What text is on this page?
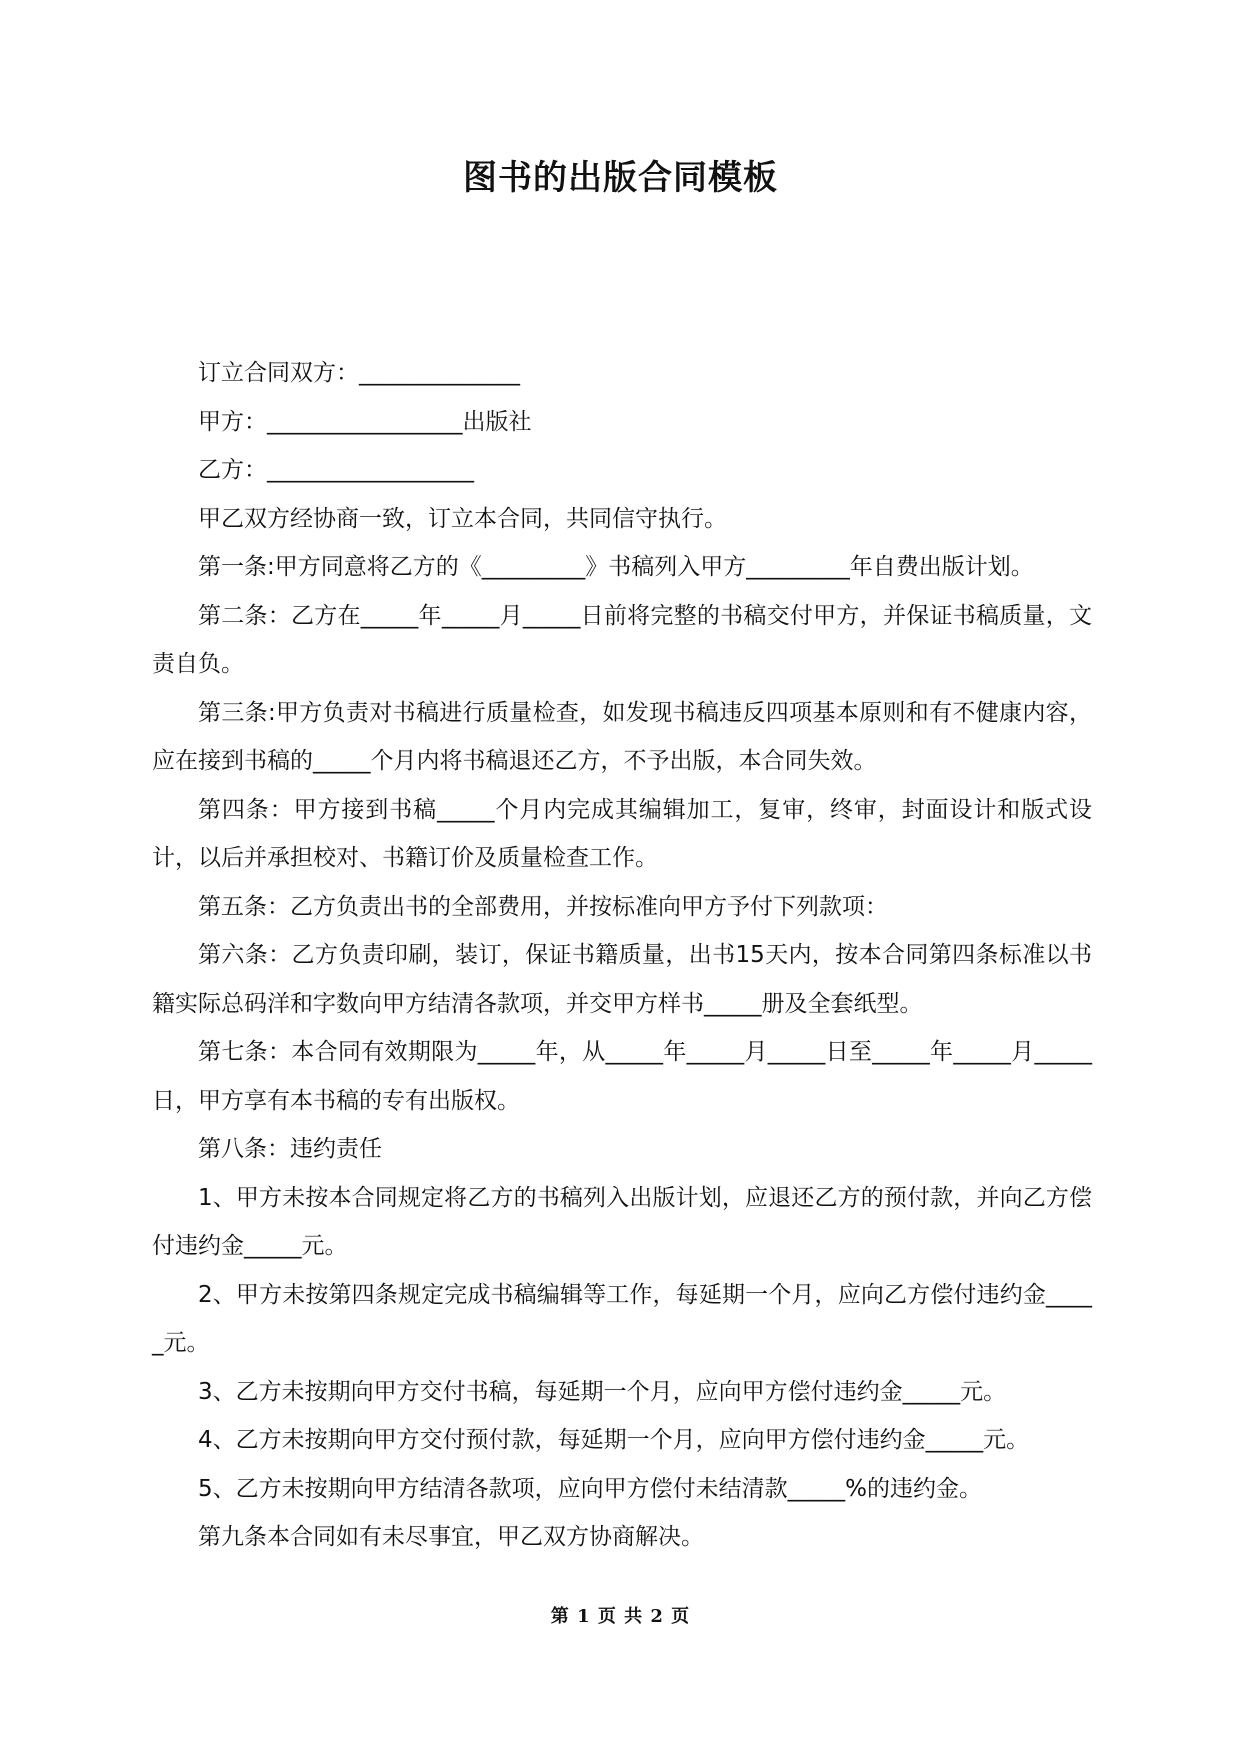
图书的出版合同模板

订立合同双方：______________

甲方：_________________出版社

乙方：__________________

甲乙双方经协商一致，订立本合同，共同信守执行。

第一条:甲方同意将乙方的《_________》书稿列入甲方_________年自费出版计划。

第二条：乙方在_____年_____月_____日前将完整的书稿交付甲方，并保证书稿质量，文责自负。

第三条:甲方负责对书稿进行质量检查，如发现书稿违反四项基本原则和有不健康内容，应在接到书稿的_____个月内将书稿退还乙方，不予出版，本合同失效。

第四条：甲方接到书稿_____个月内完成其编辑加工，复审，终审，封面设计和版式设计，以后并承担校对、书籍订价及质量检查工作。

第五条：乙方负责出书的全部费用，并按标准向甲方予付下列款项：

第六条：乙方负责印刷，装订，保证书籍质量，出书15天内，按本合同第四条标准以书籍实际总码洋和字数向甲方结清各款项，并交甲方样书_____册及全套纸型。

第七条：本合同有效期限为_____年，从_____年_____月_____日至_____年_____月_____日，甲方享有本书稿的专有出版权。

第八条：违约责任

1、甲方未按本合同规定将乙方的书稿列入出版计划，应退还乙方的预付款，并向乙方偿付违约金_____元。

2、甲方未按第四条规定完成书稿编辑等工作，每延期一个月，应向乙方偿付违约金_____元。

3、乙方未按期向甲方交付书稿，每延期一个月，应向甲方偿付违约金_____元。

4、乙方未按期向甲方交付预付款，每延期一个月，应向甲方偿付违约金_____元。

5、乙方未按期向甲方结清各款项，应向甲方偿付未结清款_____%的违约金。

第九条本合同如有未尽事宜，甲乙双方协商解决。

第 1 页 共 2 页
